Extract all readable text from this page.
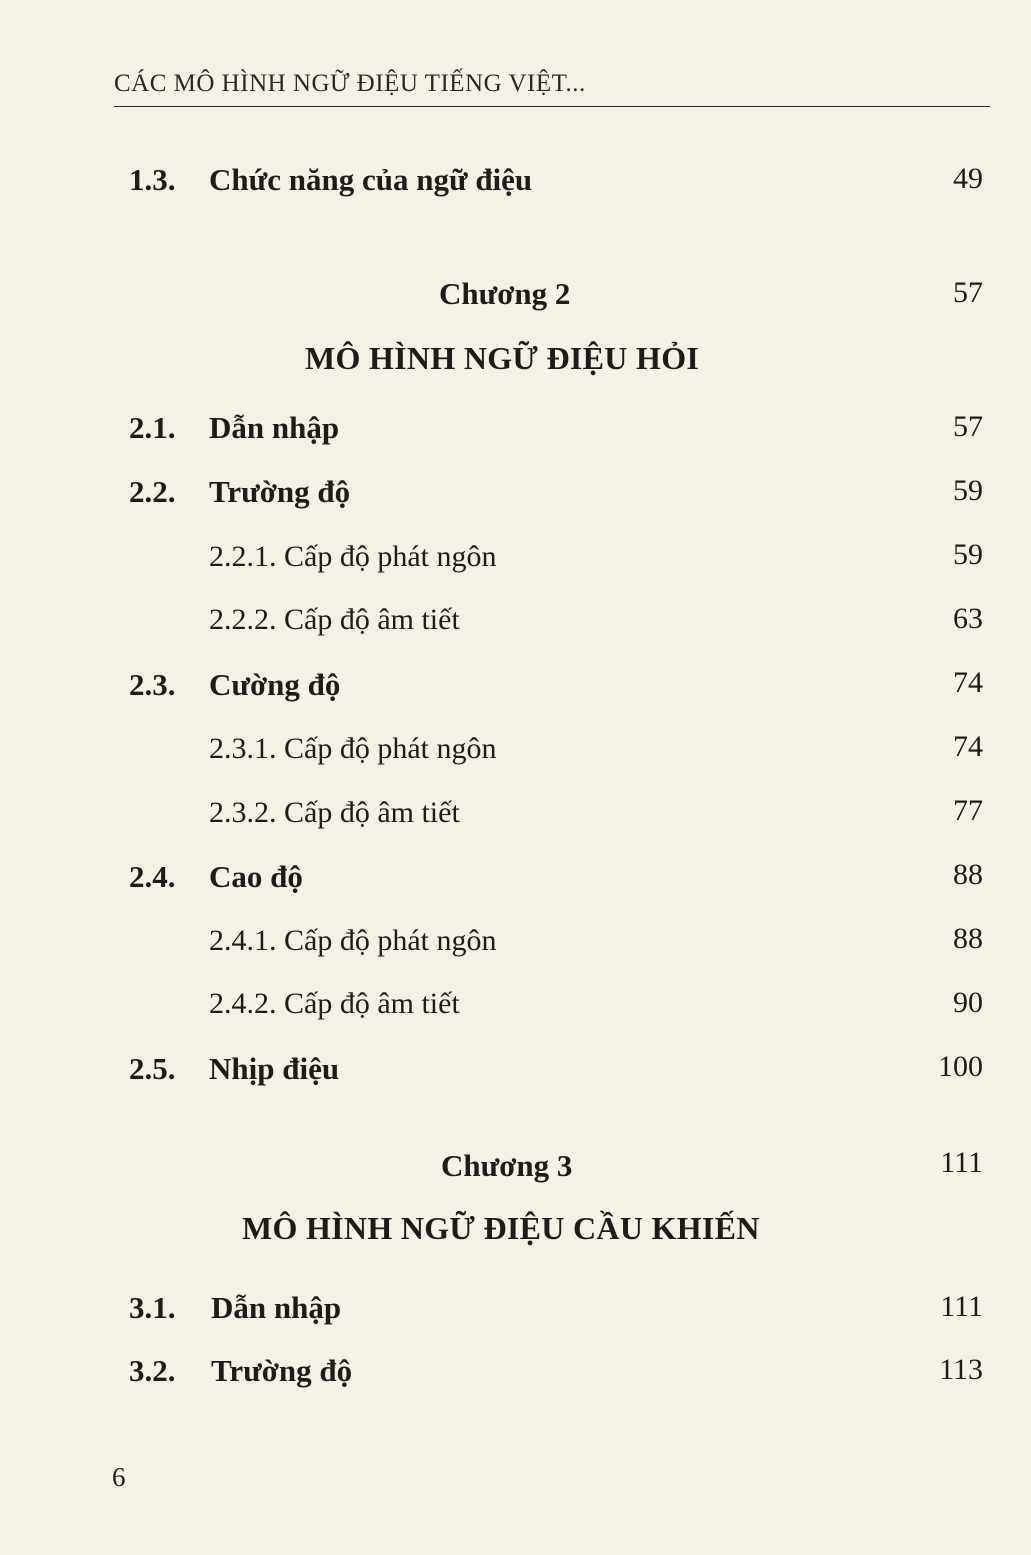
CÁC MÔ HÌNH NGỮ ĐIỆU TIẾNG VIỆT...
1.3. Chức năng của ngữ điệu	49
Chương 2	57
MÔ HÌNH NGỮ ĐIỆU HỎI
2.1. Dẫn nhập	57
2.2. Trường độ	59
2.2.1. Cấp độ phát ngôn	59
2.2.2. Cấp độ âm tiết	63
2.3. Cường độ	74
2.3.1. Cấp độ phát ngôn	74
2.3.2. Cấp độ âm tiết	77
2.4. Cao độ	88
2.4.1. Cấp độ phát ngôn	88
2.4.2. Cấp độ âm tiết	90
2.5. Nhịp điệu	100
Chương 3	111
MÔ HÌNH NGỮ ĐIỆU CẦU KHIẾN
3.1. Dẫn nhập	111
3.2. Trường độ	113
6
